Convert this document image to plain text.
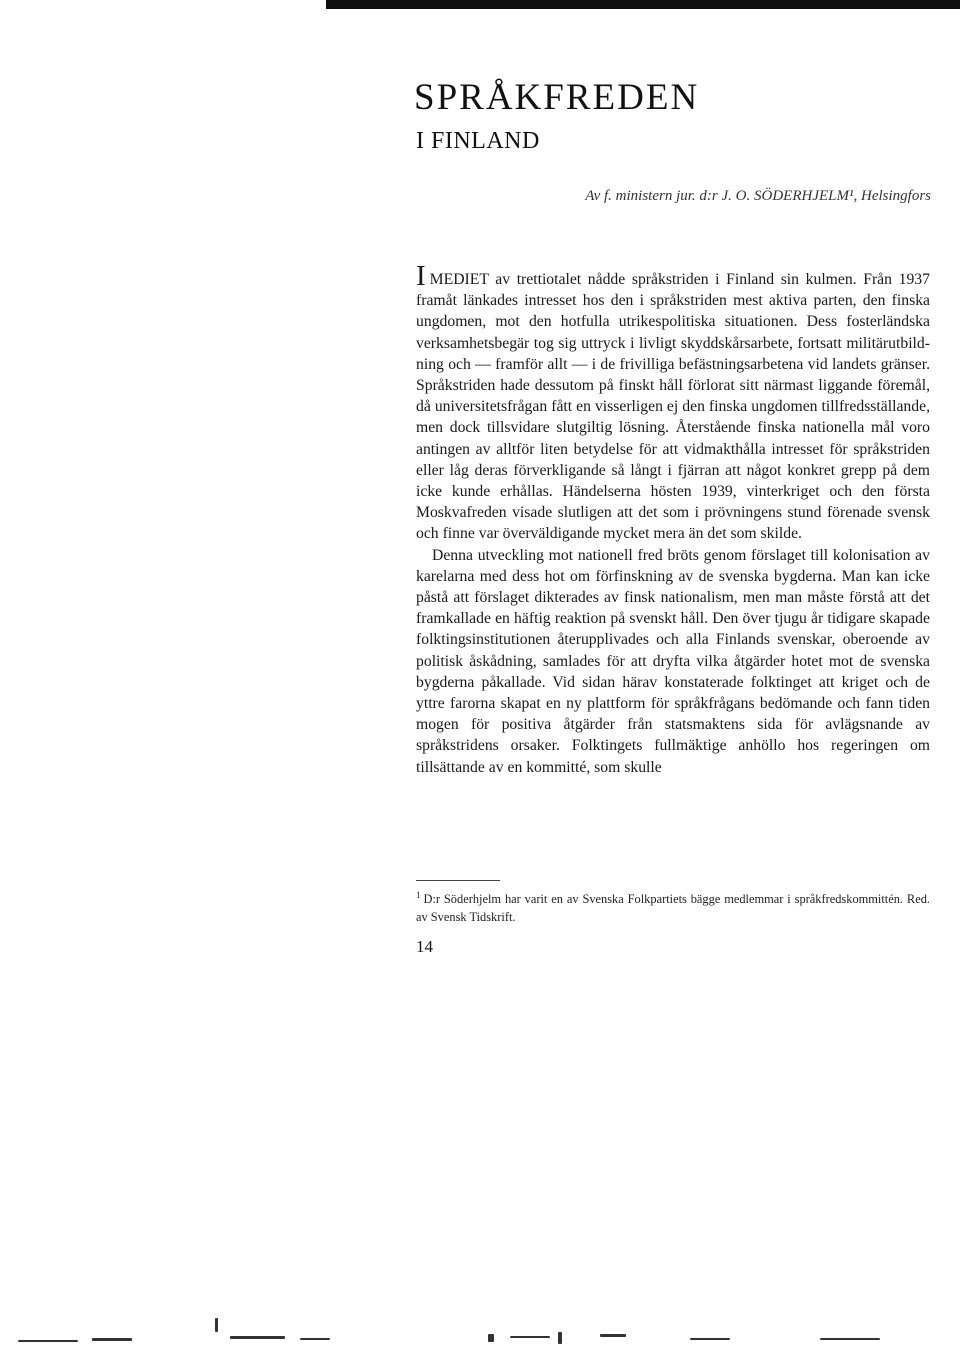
SPRÅKFREDEN
I FINLAND
Av f. ministern jur. d:r J. O. SÖDERHJELM¹, Helsingfors

IMEDIET av trettiotalet nådde språkstriden i Finland sin kulmen. Från 1937 framåt länkades intresset hos den i språkstriden mest aktiva parten, den finska ungdomen, mot den hotfulla utrikespolitiska situationen. Dess fosterländska verksamhetsbegär tog sig uttryck i livligt skyddskårsarbete, fortsatt militärutbildning och — framför allt — i de frivilliga befästningsarbetena vid landets gränser. Språkstriden hade dessutom på finskt håll förlorat sitt närmast liggande föremål, då universitetsfrågan fått en visserligen ej den finska ungdomen tillfredsställande, men dock tillsvidare slutgiltig lösning. Återstående finska nationella mål voro antingen av alltför liten betydelse för att vidmakthålla intresset för språkstriden eller låg deras förverkligande så långt i fjärran att något konkret grepp på dem icke kunde erhållas. Händelserna hösten 1939, vinterkriget och den första Moskvafreden visade slutligen att det som i prövningens stund förenade svensk och finne var överväldigande mycket mera än det som skilde.

Denna utveckling mot nationell fred bröts genom förslaget till kolonisation av karelarna med dess hot om förfinskning av de svenska bygderna. Man kan icke påstå att förslaget dikterades av finsk nationalism, men man måste förstå att det framkallade en häftig reaktion på svenskt håll. Den över tjugu år tidigare skapade folktingsinstitutionen återupplivades och alla Finlands svenskar, oberoende av politisk åskådning, samlades för att dryfta vilka åtgärder hotet mot de svenska bygderna påkallade. Vid sidan härav konstaterade folktinget att kriget och de yttre farorna skapat en ny plattform för språkfrågans bedömande och fann tiden mogen för positiva åtgärder från statsmaktens sida för avlägsnande av språkstridens orsaker. Folktingets fullmäktige anhöllo hos regeringen om tillsättande av en kommitté, som skulle

$^1$ D:r Söderhjelm har varit en av Svenska Folkpartiets bägge medlemmar i språkfredskommittén. Red. av Svensk Tidskrift.
14
